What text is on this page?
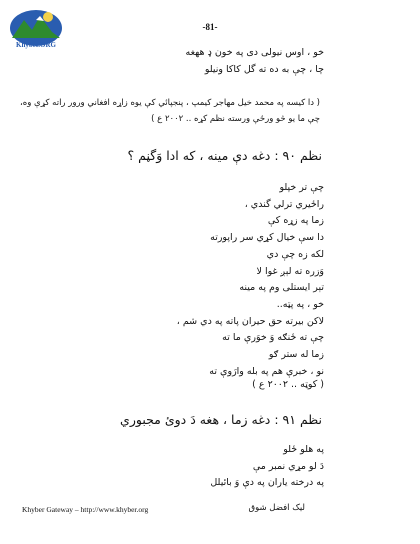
Khyber.ORG
-81-
خو ، اوس نيولى دى په خون ډ ههغه
چا ، چې به ده ته گل کاکا ونيلو
( دا كيسه په محمد خيل مهاجر كيمپ ، پنجپائي كې يوه زاړه افغاني ورور راته کړې وه،
چې ما يو څو ورځې ورسته نظم کړه .. ۲۰۰۲ ع )
نظم ۹۰ : دغه دې مينه ، که ادا وَگڼم ؟
چې تر خپلو
راځيري ترلي گندي ،
زما په زړه کې
دا سې خيال کړي سر راپورته
لکه زه چې دي
وَزره ته لېږ غوا لا
تېر ايستلى وم په مينه
خو ، په پټه..
لاکن بيرته حق حيران پاته په دي شم ،
چې ته ځنګه وَ خوَرې ما ته
زما له ستر ګو
نو ، خبرې هم په بله وارَوې ته
( کوټه .. ۲۰۰۲ ع )
نظم ۹۱ : دغه زما ، هغه دَ دوئ مجبوري
په هلو ځلو
دَ لو مړي نمبر مې
په درخته ياران په دې وَ بائيلل
Khyber Gateway – http://www.khyber.org	ليک افضل شوق
